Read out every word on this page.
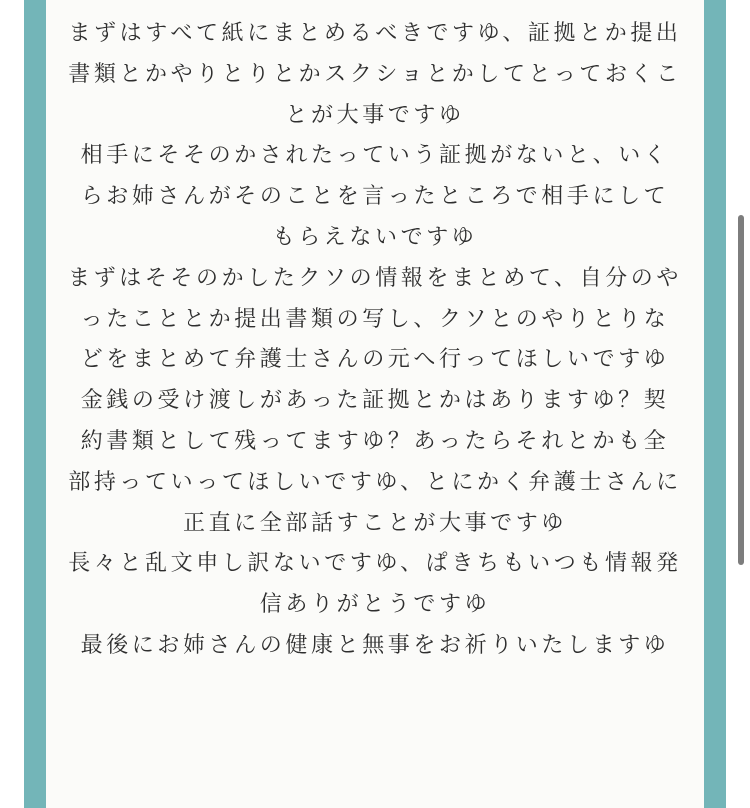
まずはすべて紙にまとめるべきですゆ、証拠とか提出書類とかやりとりとかスクショとかしてとっておくことが大事ですゆ

相手にそそのかされたっていう証拠がないと、いくらお姉さんがそのことを言ったところで相手にしてもらえないですゆ

まずはそそのかしたクソの情報をまとめて、自分のやったこととか提出書類の写し、クソとのやりとりなどをまとめて弁護士さんの元へ行ってほしいですゆ

金銭の受け渡しがあった証拠とかはありますゆ？契約書類として残ってますゆ？あったらそれとかも全部持っていってほしいですゆ、とにかく弁護士さんに正直に全部話すことが大事ですゆ

長々と乱文申し訳ないですゆ、ぱきちもいつも情報発信ありがとうですゆ

最後にお姉さんの健康と無事をお祈りいたしますゆ
